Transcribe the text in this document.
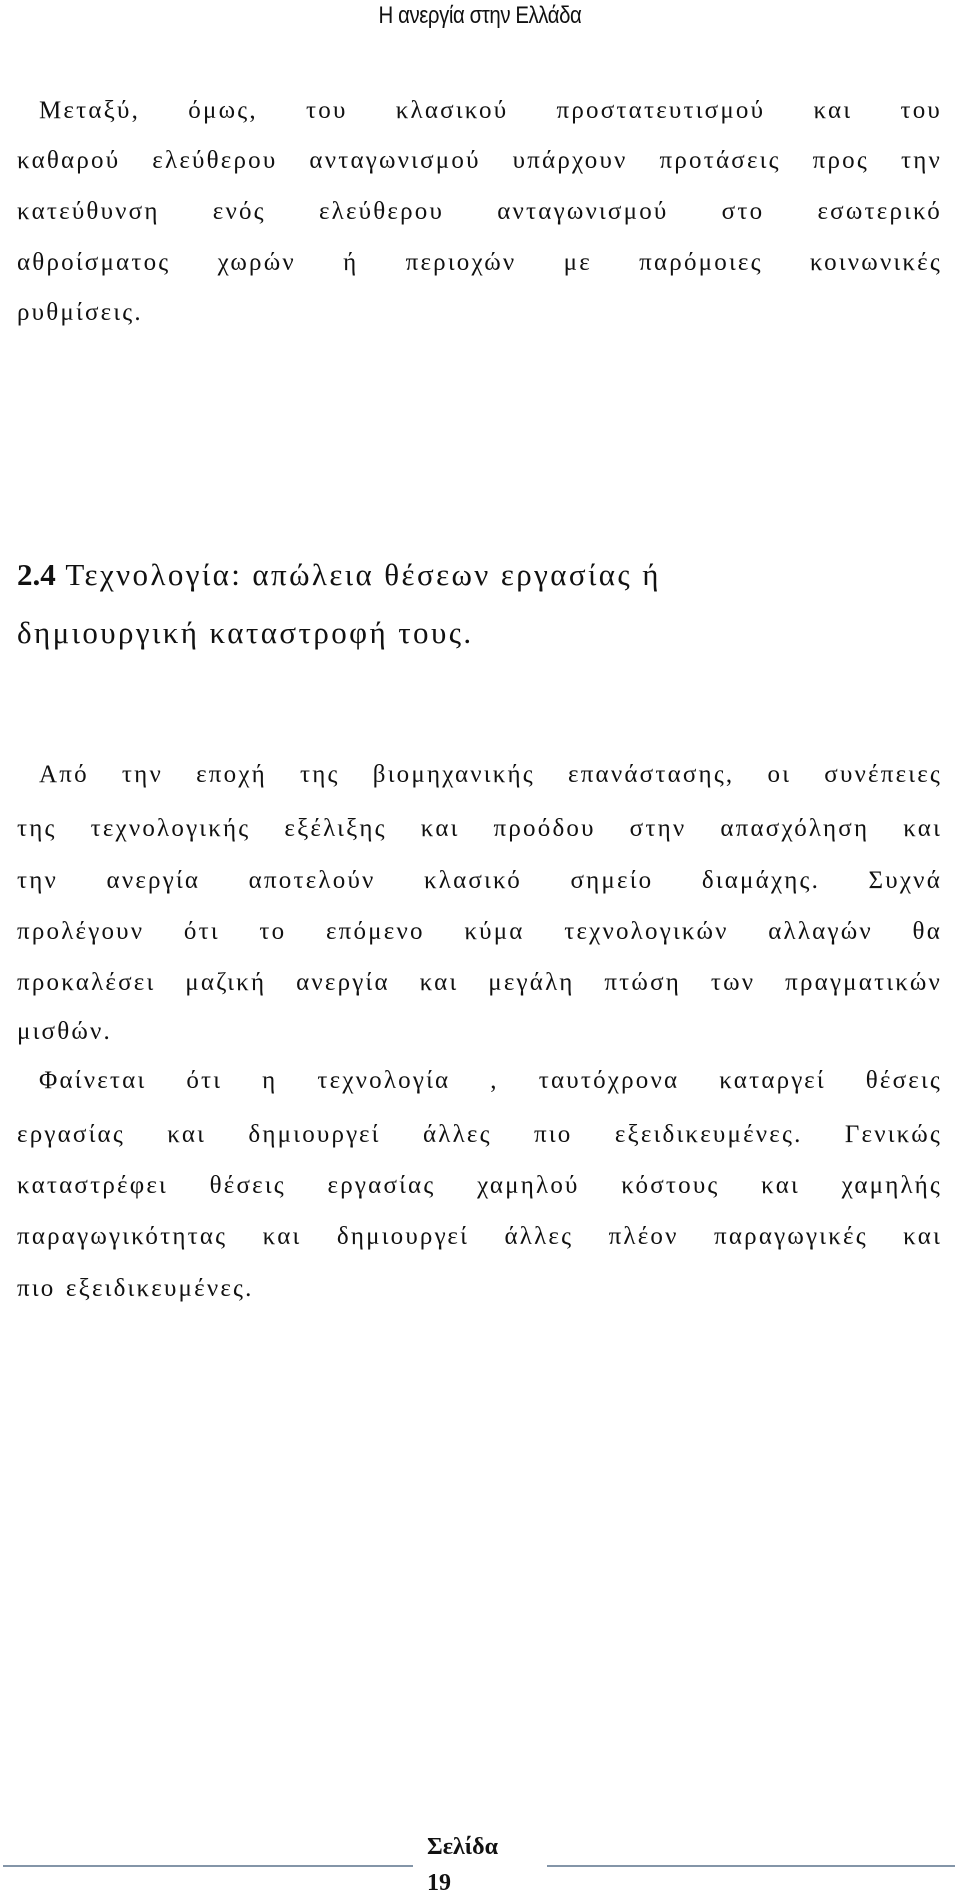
Η ανεργία στην Ελλάδα
Μεταξύ, όμως, του κλασικού προστατευτισμού και του
καθαρού ελεύθερου ανταγωνισμού υπάρχουν προτάσεις προς την
κατεύθυνση ενός ελεύθερου ανταγωνισμού στο εσωτερικό
αθροίσματος χωρών ή περιοχών με παρόμοιες κοινωνικές
ρυθμίσεις.
2.4 Τεχνολογία: απώλεια θέσεων εργασίας ή
δημιουργική καταστροφή τους.
Από την εποχή της βιομηχανικής επανάστασης, οι συνέπειες
της τεχνολογικής εξέλιξης και προόδου στην απασχόληση και
την ανεργία αποτελούν κλασικό σημείο διαμάχης. Συχνά
προλέγουν ότι το επόμενο κύμα τεχνολογικών αλλαγών θα
προκαλέσει μαζική ανεργία και μεγάλη πτώση των πραγματικών
μισθών.
Φαίνεται ότι η τεχνολογία , ταυτόχρονα καταργεί θέσεις
εργασίας και δημιουργεί άλλες πιο εξειδικευμένες. Γενικώς
καταστρέφει θέσεις εργασίας χαμηλού κόστους και χαμηλής
παραγωγικότητας και δημιουργεί άλλες πλέον παραγωγικές και
πιο εξειδικευμένες.
Σελίδα
19
